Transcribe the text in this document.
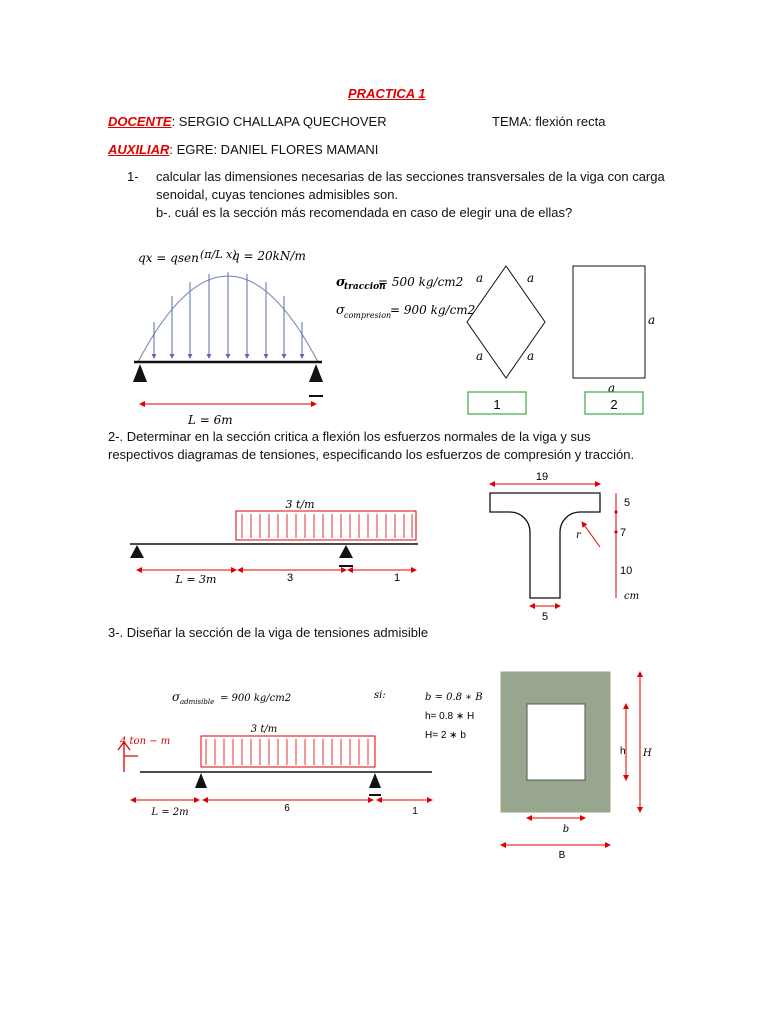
PRACTICA 1
DOCENTE: SERGIO CHALLAPA QUECHOVER	TEMA: flexión recta
AUXILIAR: EGRE: DANIEL FLORES MAMANI
1- calcular las dimensiones necesarias de las secciones transversales de la viga con carga
senoidal, cuyas tenciones admisibles son.
b-. cuál es la sección más recomendada en caso de elegir una de ellas?
2-. Determinar en la sección critica a flexión los esfuerzos normales de la viga y sus
respectivos diagramas de tensiones, especificando los esfuerzos de compresión y tracción.
3-. Diseñar la sección de la viga de tensiones admisible
qx = qsen (π/L x)
q = 20kN/m
L = 6m
σ
traccion
= 500 kg/cm2
σ compresion
= 900 kg/cm2
a	a
a	a
a
a
1	2
3 t/m
L = 3m	3	1
19
5
7
10
cm
r
5
σ admisible = 900 kg/cm2	si:	b = 0.8 ∗ B
h= 0.8 ∗ H
H= 2 ∗ b
4 ton − m
3 t/m
L = 2m	6	1
h H
b
B
